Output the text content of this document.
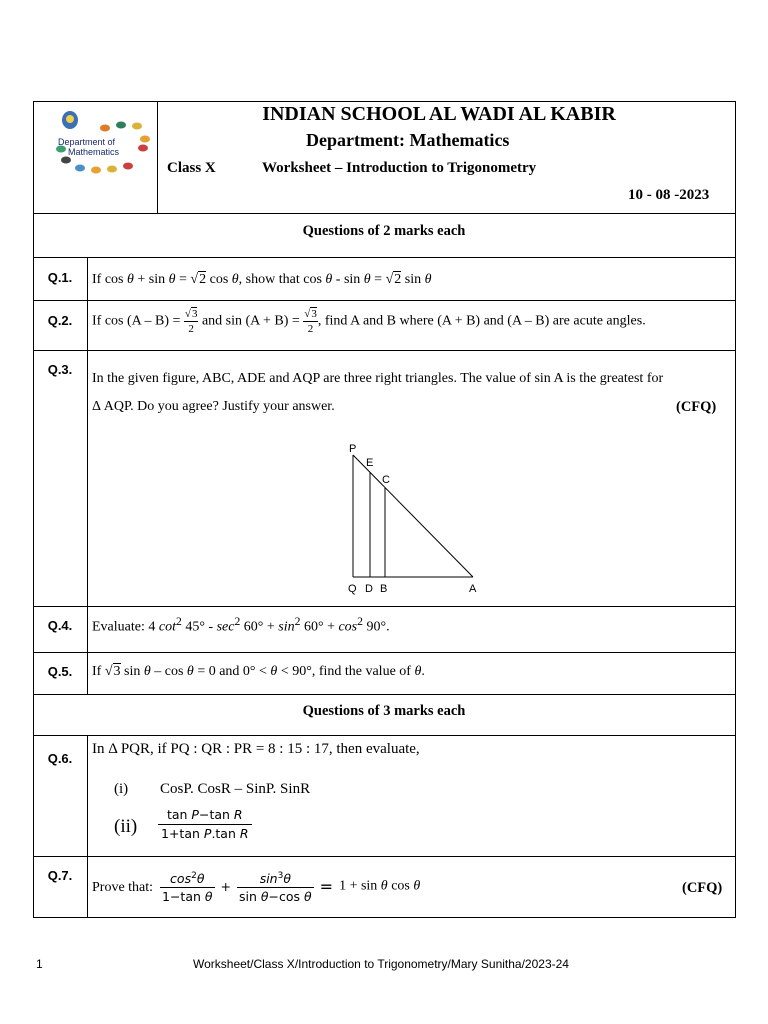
Department of
Mathematics
INDIAN SCHOOL AL WADI AL KABIR
Department: Mathematics
Class X	Worksheet – Introduction to Trigonometry
10 - 08 -2023
Questions of 2 marks each
Q.1.	If cos θ + sin θ = √2 cos θ, show that cos θ - sin θ = √2 sin θ
Q.2.	If $\cos (A - B) = \frac{√3}{2}$ and $\sin (A + B) = \frac{√3}{2}$ , find A and B where (A + B) and (A – B) are acute angles.
Q.3.
In the given figure, ABC, ADE and AQP are three right triangles. The value of sin A is the greatest for
Δ AQP. Do you agree? Justify your answer.	(CFQ)
P
E
C
Q D B	A
Q.4.	Evaluate: 4 $\cot^2 45^\circ - \sec^2 60^\circ + \sin^2 60^\circ + \cos^2 90^\circ$.
Q.5.	If √3 sin θ – cos θ = 0 and 0° < θ < 90°, find the value of θ.
Questions of 3 marks each
Q.6.
In Δ PQR, if PQ : QR : PR = 8 : 15 : 17, then evaluate,
(i) CosP. CosR – SinP. SinR
(ii)
tan P−tan R
1+tan P.tan R
Q.7.
Prove that: $\frac{\cos^2\theta}{\text{1−tan θ}} + \frac{\sin^3\theta}{\text{sin θ−cos θ}} = 1 + \sin \theta$ cos θ	(CFQ)
1	Worksheet/Class X/Introduction to Trigonometry/Mary Sunitha/2023-24
